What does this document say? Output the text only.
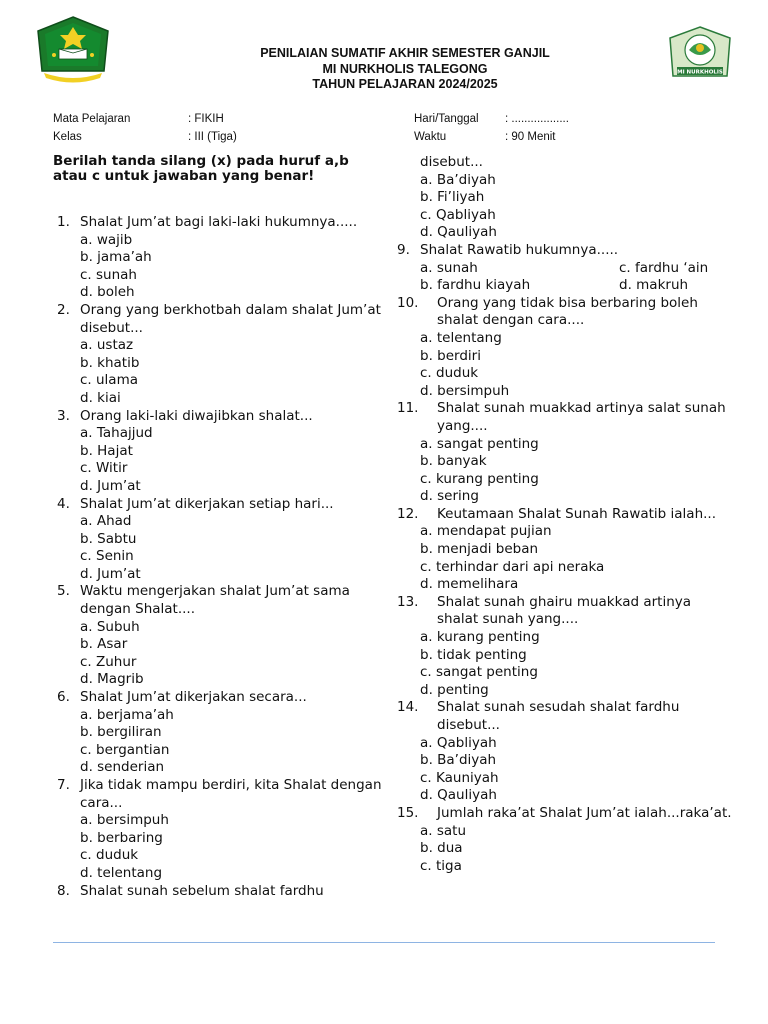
MI NURKHOLIS
PENILAIAN SUMATIF AKHIR SEMESTER GANJIL
MI NURKHOLIS TALEGONG
TAHUN PELAJARAN 2024/2025
Mata Pelajaran	: FIKIH
Kelas	: III (Tiga)
Hari/Tanggal : ..................
Waktu	: 90 Menit
Berilah tanda silang (x) pada huruf a,b atau c untuk jawaban yang benar!
1. Shalat Jum’at bagi laki-laki hukumnya.....
a. wajib
b. jama’ah
c. sunah
d. boleh
2. Orang yang berkhotbah dalam shalat Jum’at disebut...
a. ustaz
b. khatib
c. ulama
d. kiai
3. Orang laki-laki diwajibkan shalat...
a. Tahajjud
b. Hajat
c. Witir
d. Jum’at
4. Shalat Jum’at dikerjakan setiap hari...
a. Ahad
b. Sabtu
c. Senin
d. Jum’at
5. Waktu mengerjakan shalat Jum’at sama dengan Shalat....
a. Subuh
b. Asar
c. Zuhur
d. Magrib
6. Shalat Jum’at dikerjakan secara...
a. berjama’ah
b. bergiliran
c. bergantian
d. senderian
7. Jika tidak mampu berdiri, kita Shalat dengan cara...
a. bersimpuh
b. berbaring
c. duduk
d. telentang
8. Shalat sunah sebelum shalat fardhu
disebut...
a. Ba’diyah
b. Fi’liyah
c. Qabliyah
d. Qauliyah
9. Shalat Rawatib hukumnya.....
a. sunah	c. fardhu ‘ain
b. fardhu kiayah	d. makruh
10.	Orang yang tidak bisa berbaring boleh shalat dengan cara....
a. telentang
b. berdiri
c. duduk
d. bersimpuh
11.	Shalat sunah muakkad artinya salat sunah yang....
a. sangat penting
b. banyak
c. kurang penting
d. sering
12.	Keutamaan Shalat Sunah Rawatib ialah...
a. mendapat pujian
b. menjadi beban
c. terhindar dari api neraka
d. memelihara
13.	Shalat sunah ghairu muakkad artinya shalat sunah yang....
a. kurang penting
b. tidak penting
c. sangat penting
d. penting
14.	Shalat sunah sesudah shalat fardhu disebut...
a. Qabliyah
b. Ba’diyah
c. Kauniyah
d. Qauliyah
15.	Jumlah raka’at Shalat Jum’at ialah...raka’at.
a. satu
b. dua
c. tiga
